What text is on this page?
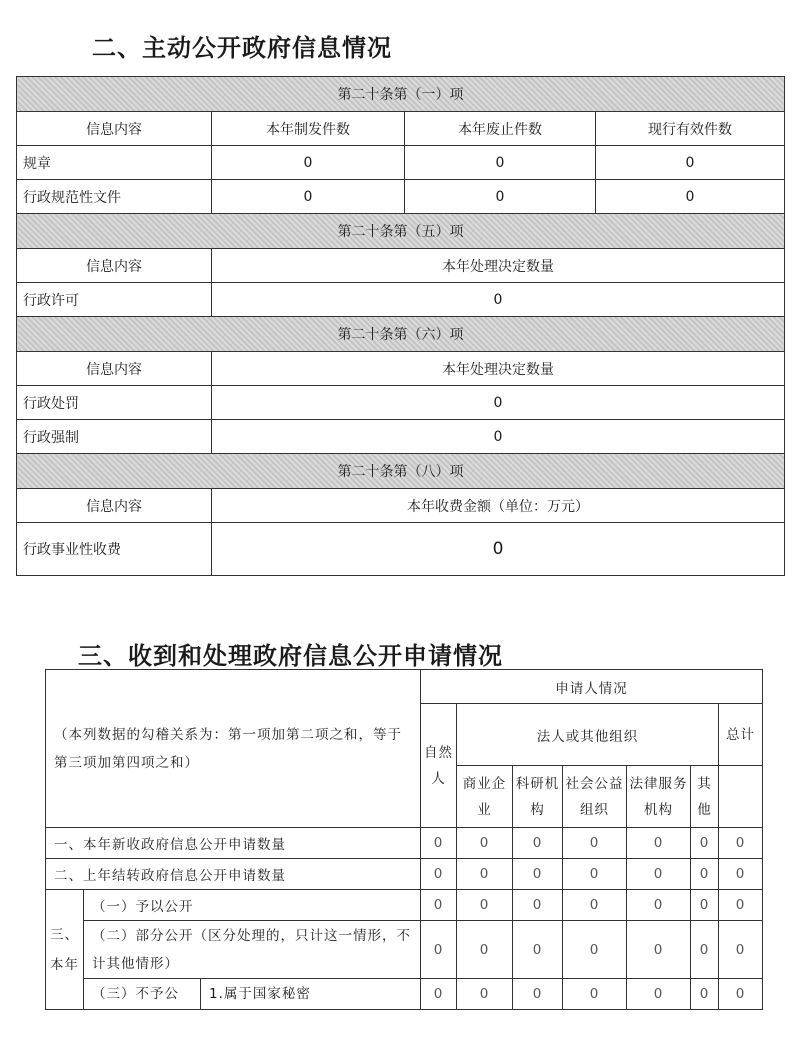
二、主动公开政府信息情况
第二十条第（一）项			
信息内容	本年制发件数	本年废止件数	现行有效件数
规章	0	0	0
行政规范性文件	0	0	0
第二十条第（五）项			
信息内容	本年处理决定数量		
行政许可	0		
第二十条第（六）项			
信息内容	本年处理决定数量		
行政处罚	0		
行政强制	0		
第二十条第（八）项			
信息内容	本年收费金额（单位：万元）		
行政事业性收费	0		
三、收到和处理政府信息公开申请情况
（本列数据的勾稽关系为：第一项加第二项之和，等于第三项加第四项之和）		申请人情况						
		自然人	法人或其他组织					总计
			商业企业	科研机构	社会公益组织	法律服务机构	其他	
一、本年新收政府信息公开申请数量		0	0	0	0	0	0	0
二、上年结转政府信息公开申请数量		0	0	0	0	0	0	0
三、本年	（一）予以公开	0	0	0	0	0	0	0
	（二）部分公开（区分处理的，只计这一情形，不计其他情形）	0	0	0	0	0	0	0
	（三）不予公 1.属于国家秘密	0	0	0	0	0	0	0
